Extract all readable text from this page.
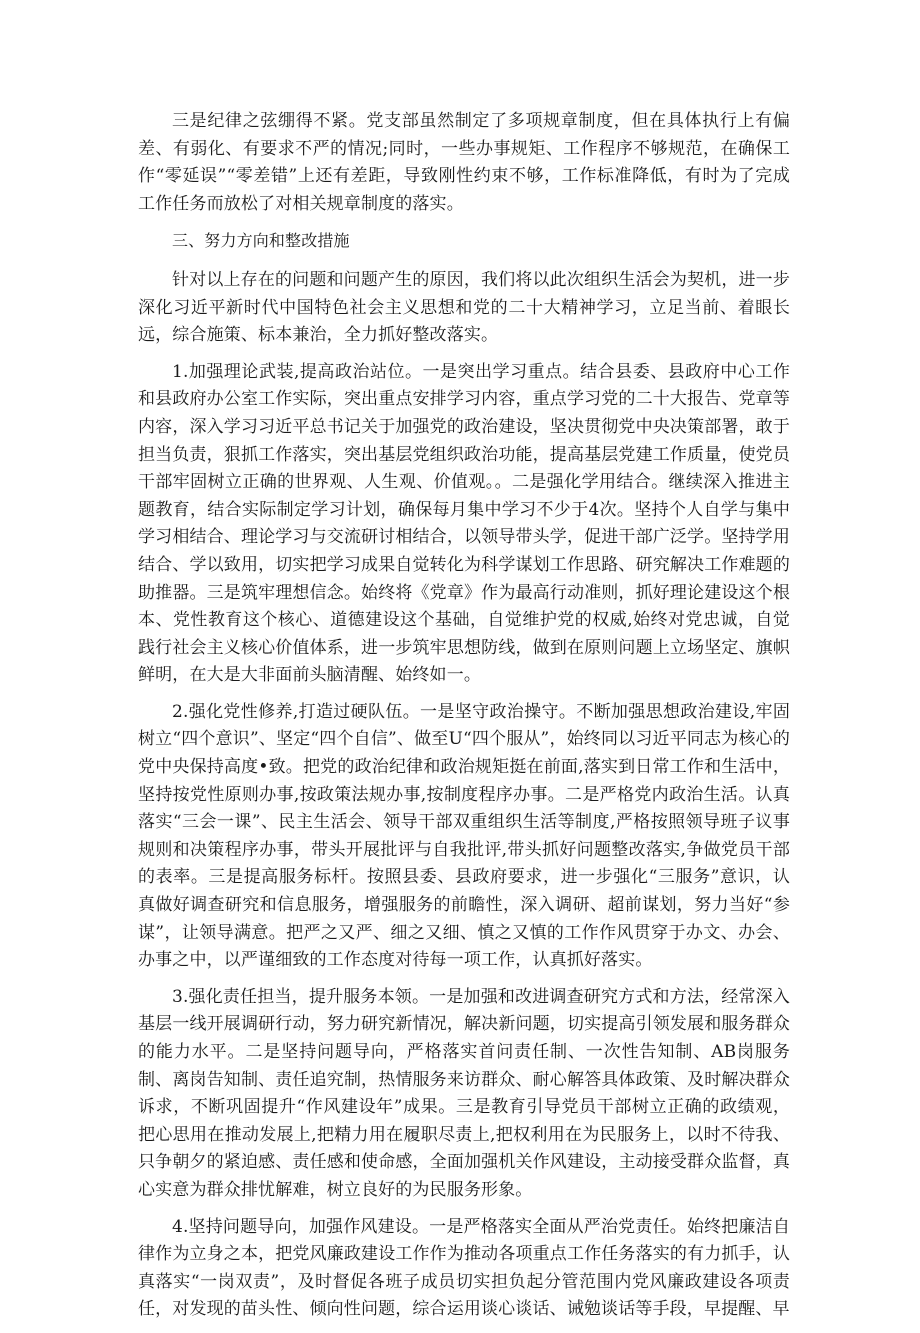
三是纪律之弦绷得不紧。党支部虽然制定了多项规章制度，但在具体执行上有偏差、有弱化、有要求不严的情况;同时，一些办事规矩、工作程序不够规范，在确保工作“零延误”“零差错”上还有差距，导致刚性约束不够，工作标准降低，有时为了完成工作任务而放松了对相关规章制度的落实。

三、努力方向和整改措施

针对以上存在的问题和问题产生的原因，我们将以此次组织生活会为契机，进一步深化习近平新时代中国特色社会主义思想和党的二十大精神学习，立足当前、着眼长远，综合施策、标本兼治，全力抓好整改落实。

1.加强理论武装,提高政治站位。一是突出学习重点。结合县委、县政府中心工作和县政府办公室工作实际，突出重点安排学习内容，重点学习党的二十大报告、党章等内容，深入学习习近平总书记关于加强党的政治建设，坚决贯彻党中央决策部署，敢于担当负责，狠抓工作落实，突出基层党组织政治功能，提高基层党建工作质量，使党员干部牢固树立正确的世界观、人生观、价值观。。二是强化学用结合。继续深入推进主题教育，结合实际制定学习计划，确保每月集中学习不少于4次。坚持个人自学与集中学习相结合、理论学习与交流研讨相结合，以领导带头学，促进干部广泛学。坚持学用结合、学以致用，切实把学习成果自觉转化为科学谋划工作思路、研究解决工作难题的助推器。三是筑牢理想信念。始终将《党章》作为最高行动准则，抓好理论建设这个根本、党性教育这个核心、道德建设这个基础，自觉维护党的权威,始终对党忠诚，自觉践行社会主义核心价值体系，进一步筑牢思想防线，做到在原则问题上立场坚定、旗帜鲜明，在大是大非面前头脑清醒、始终如一。

2.强化党性修养,打造过硬队伍。一是坚守政治操守。不断加强思想政治建设,牢固树立“四个意识”、坚定“四个自信”、做至U“四个服从”，始终同以习近平同志为核心的党中央保持高度•致。把党的政治纪律和政治规矩挺在前面,落实到日常工作和生活中，坚持按党性原则办事,按政策法规办事,按制度程序办事。二是严格党内政治生活。认真落实“三会一课”、民主生活会、领导干部双重组织生活等制度,严格按照领导班子议事规则和决策程序办事，带头开展批评与自我批评,带头抓好问题整改落实,争做党员干部的表率。三是提高服务标杆。按照县委、县政府要求，进一步强化“三服务”意识，认真做好调查研究和信息服务，增强服务的前瞻性，深入调研、超前谋划，努力当好“参谋”，让领导满意。把严之又严、细之又细、慎之又慎的工作作风贯穿于办文、办会、办事之中，以严谨细致的工作态度对待每一项工作，认真抓好落实。

3.强化责任担当，提升服务本领。一是加强和改进调查研究方式和方法，经常深入基层一线开展调研行动，努力研究新情况，解决新问题，切实提高引领发展和服务群众的能力水平。二是坚持问题导向，严格落实首问责任制、一次性告知制、AB岗服务制、离岗告知制、责任追究制，热情服务来访群众、耐心解答具体政策、及时解决群众诉求，不断巩固提升“作风建设年”成果。三是教育引导党员干部树立正确的政绩观，把心思用在推动发展上,把精力用在履职尽责上,把权利用在为民服务上，以时不待我、只争朝夕的紧迫感、责任感和使命感，全面加强机关作风建设，主动接受群众监督，真心实意为群众排忧解难，树立良好的为民服务形象。

4.坚持问题导向，加强作风建设。一是严格落实全面从严治党责任。始终把廉洁自律作为立身之本，把党风廉政建设工作作为推动各项重点工作任务落实的有力抓手，认真落实“一岗双责”，及时督促各班子成员切实担负起分管范围内党风廉政建设各项责任，对发现的苗头性、倾向性问题，综合运用谈心谈话、诫勉谈话等手段，早提醒、早
